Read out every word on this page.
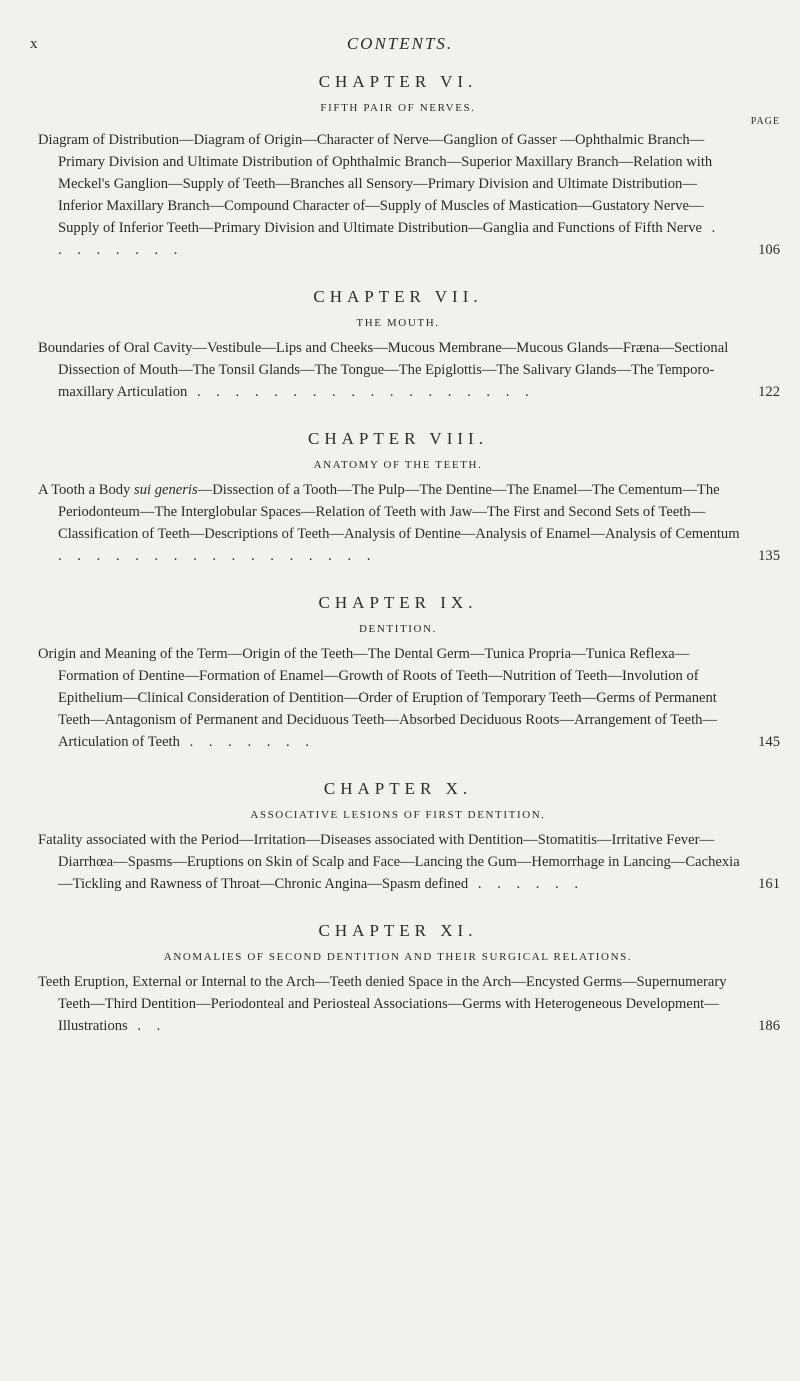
x	CONTENTS.
CHAPTER VI.
FIFTH PAIR OF NERVES.
PAGE

Diagram of Distribution—Diagram of Origin—Character of Nerve—Ganglion of Gasser —Ophthalmic Branch—Primary Division and Ultimate Distribution of Ophthalmic Branch—Superior Maxillary Branch—Relation with Meckel's Ganglion—Supply of Teeth—Branches all Sensory—Primary Division and Ultimate Distribution—Inferior Maxillary Branch—Compound Character of—Supply of Muscles of Mastication—Gustatory Nerve—Supply of Inferior Teeth—Primary Division and Ultimate Distribution—Ganglia and Functions of Fifth Nerve . . . . . . . .	106

CHAPTER VII.
THE MOUTH.

Boundaries of Oral Cavity—Vestibule—Lips and Cheeks—Mucous Membrane—Mucous Glands—Fræna—Sectional Dissection of Mouth—The Tonsil Glands—The Tongue—The Epiglottis—The Salivary Glands—The Temporo-maxillary Articulation . . . . . . . . . . . . . . . . . .	122

CHAPTER VIII.
ANATOMY OF THE TEETH.

A Tooth a Body sui generis—Dissection of a Tooth—The Pulp—The Dentine—The Enamel—The Cementum—The Periodonteum—The Interglobular Spaces—Relation of Teeth with Jaw—The First and Second Sets of Teeth—Classification of Teeth—Descriptions of Teeth—Analysis of Dentine—Analysis of Enamel—Analysis of Cementum . . . . . . . . . . . . . . . . .	135

CHAPTER IX.
DENTITION.

Origin and Meaning of the Term—Origin of the Teeth—The Dental Germ—Tunica Propria—Tunica Reflexa—Formation of Dentine—Formation of Enamel—Growth of Roots of Teeth—Nutrition of Teeth—Involution of Epithelium—Clinical Consideration of Dentition—Order of Eruption of Temporary Teeth—Germs of Permanent Teeth—Antagonism of Permanent and Deciduous Teeth—Absorbed Deciduous Roots—Arrangement of Teeth—Articulation of Teeth . . . . . . .	145

CHAPTER X.
ASSOCIATIVE LESIONS OF FIRST DENTITION.

Fatality associated with the Period—Irritation—Diseases associated with Dentition—Stomatitis—Irritative Fever—Diarrhœa—Spasms—Eruptions on Skin of Scalp and Face—Lancing the Gum—Hemorrhage in Lancing—Cachexia—Tickling and Rawness of Throat—Chronic Angina—Spasm defined . . . . . .	161

CHAPTER XI.
ANOMALIES OF SECOND DENTITION AND THEIR SURGICAL RELATIONS.

Teeth Eruption, External or Internal to the Arch—Teeth denied Space in the Arch—Encysted Germs—Supernumerary Teeth—Third Dentition—Periodonteal and Periosteal Associations—Germs with Heterogeneous Development—Illustrations . .	186
